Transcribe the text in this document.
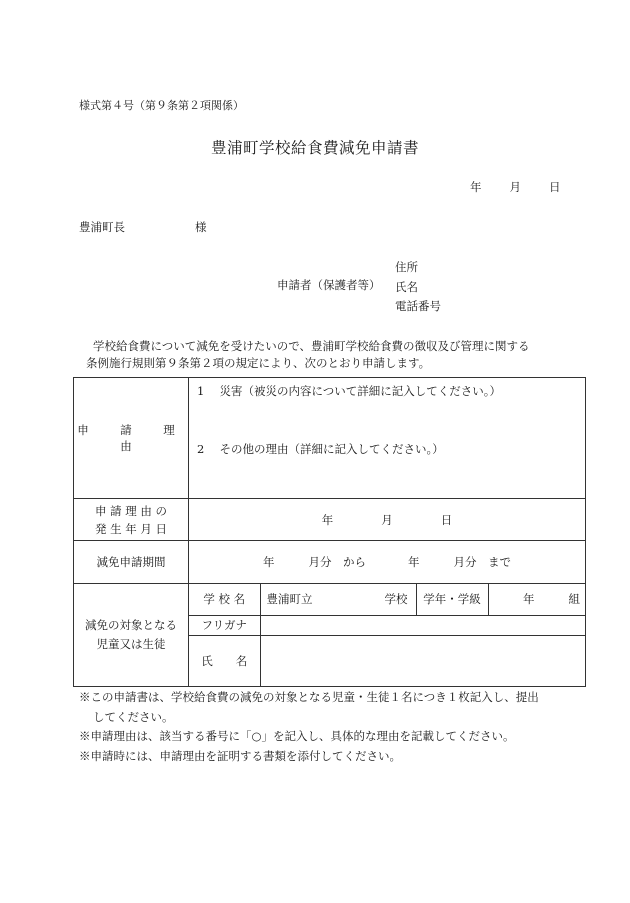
様式第４号（第９条第２項関係）
豊浦町学校給食費減免申請書
年 月 日
豊浦町長	様
申請者（保護者等）
住所
氏名
電話番号
学校給食費について減免を受けたいので、豊浦町学校給食費の徴収及び管理に関する
条例施行規則第９条第２項の規定により、次のとおり申請します。
申　請　理　由	
1　 災害（被災の内容について詳細に記入してください。）
2　 その他の理由（詳細に記入してください。）

申 請 理 由 の
発 生 年 月 日
	年	月	日
減免申請期間	年	月分　から	年	月分　まで

減免の対象となる
児童又は生徒

学 校 名	豊浦町立	学校	学年・学級	年	組
フリガナ	
氏　　名	
※この申請書は、学校給食費の減免の対象となる児童・生徒１名につき１枚記入し、提出
してください。
※申請理由は、該当する番号に「○」を記入し、具体的な理由を記載してください。
※申請時には、申請理由を証明する書類を添付してください。
